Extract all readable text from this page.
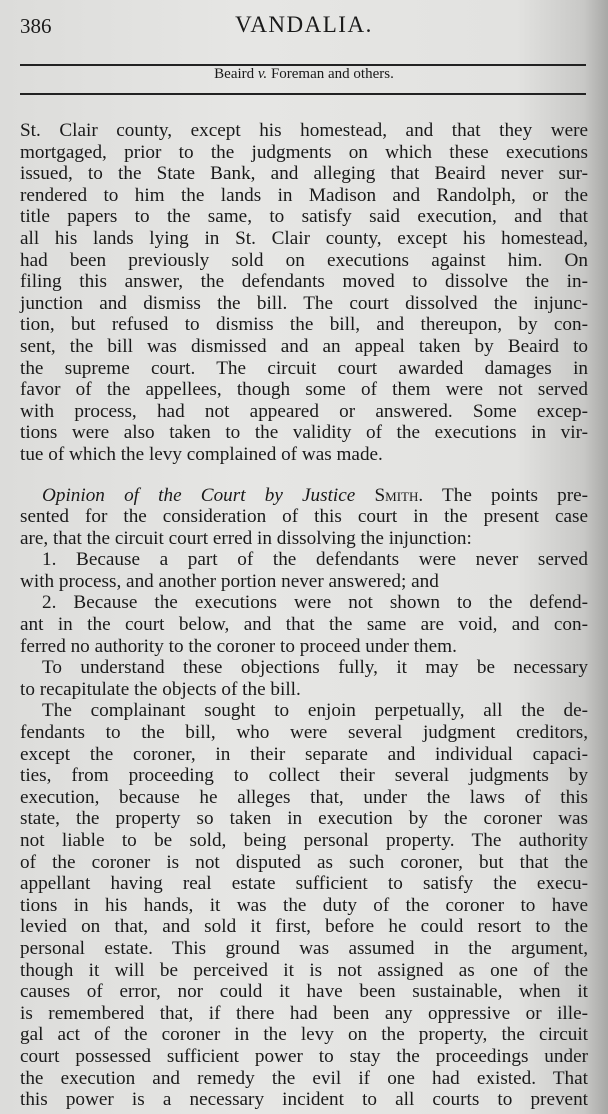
386	VANDALIA.
Beaird v. Foreman and others.
St. Clair county, except his homestead, and that they were
mortgaged, prior to the judgments on which these executions
issued, to the State Bank, and alleging that Beaird never sur-
rendered to him the lands in Madison and Randolph, or the
title papers to the same, to satisfy said execution, and that
all his lands lying in St. Clair county, except his homestead,
had been previously sold on executions against him. On
filing this answer, the defendants moved to dissolve the in-
junction and dismiss the bill. The court dissolved the injunc-
tion, but refused to dismiss the bill, and thereupon, by con-
sent, the bill was dismissed and an appeal taken by Beaird to
the supreme court. The circuit court awarded damages in
favor of the appellees, though some of them were not served
with process, had not appeared or answered. Some excep-
tions were also taken to the validity of the executions in vir-
tue of which the levy complained of was made.
Opinion of the Court by Justice Smith. The points pre-
sented for the consideration of this court in the present case
are, that the circuit court erred in dissolving the injunction:
1. Because a part of the defendants were never served
with process, and another portion never answered; and
2. Because the executions were not shown to the defend-
ant in the court below, and that the same are void, and con-
ferred no authority to the coroner to proceed under them.
To understand these objections fully, it may be necessary
to recapitulate the objects of the bill.
The complainant sought to enjoin perpetually, all the de-
fendants to the bill, who were several judgment creditors,
except the coroner, in their separate and individual capaci-
ties, from proceeding to collect their several judgments by
execution, because he alleges that, under the laws of this
state, the property so taken in execution by the coroner was
not liable to be sold, being personal property. The authority
of the coroner is not disputed as such coroner, but that the
appellant having real estate sufficient to satisfy the execu-
tions in his hands, it was the duty of the coroner to have
levied on that, and sold it first, before he could resort to the
personal estate. This ground was assumed in the argument,
though it will be perceived it is not assigned as one of the
causes of error, nor could it have been sustainable, when it
is remembered that, if there had been any oppressive or ille-
gal act of the coroner in the levy on the property, the circuit
court possessed sufficient power to stay the proceedings under
the execution and remedy the evil if one had existed. That
this power is a necessary incident to all courts to prevent
